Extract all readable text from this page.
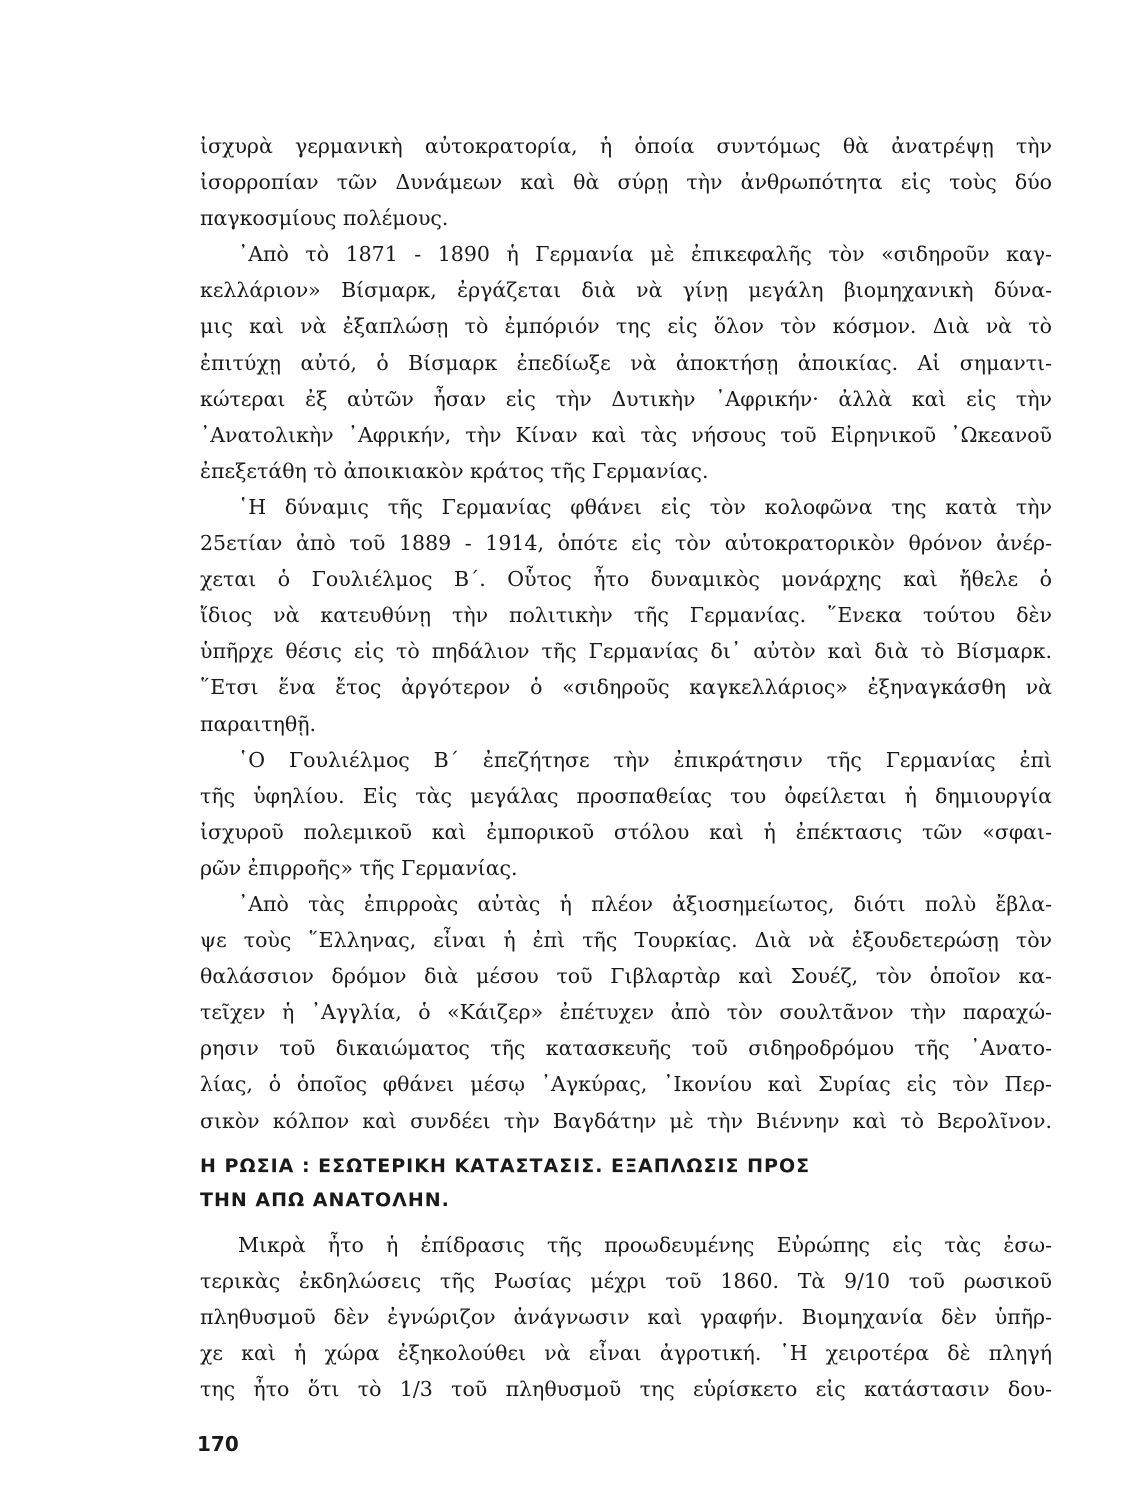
ἰσχυρὰ γερμανικὴ αὐτοκρατορία, ἡ ὁποία συντόμως θὰ ἀνατρέψῃ τὴν
ἰσορροπίαν τῶν Δυνάμεων καὶ θὰ σύρῃ τὴν ἀνθρωπότητα εἰς τοὺς δύο
παγκοσμίους πολέμους.
᾿Απὸ τὸ 1871 - 1890 ἡ Γερμανία μὲ ἐπικεφαλῆς τὸν «σιδηροῦν καγ-
κελλάριον» Βίσμαρκ, ἐργάζεται διὰ νὰ γίνῃ μεγάλη βιομηχανικὴ δύνα-
μις καὶ νὰ ἐξαπλώσῃ τὸ ἐμπόριόν της εἰς ὅλον τὸν κόσμον. Διὰ νὰ τὸ
ἐπιτύχῃ αὐτό, ὁ Βίσμαρκ ἐπεδίωξε νὰ ἀποκτήσῃ ἀποικίας. Αἱ σημαντι-
κώτεραι ἐξ αὐτῶν ἦσαν εἰς τὴν Δυτικὴν ᾿Αφρικήν· ἀλλὰ καὶ εἰς τὴν
᾿Ανατολικὴν ᾿Αφρικήν, τὴν Κίναν καὶ τὰς νήσους τοῦ Εἰρηνικοῦ ᾿Ωκεανοῦ
ἐπεξετάθη τὸ ἀποικιακὸν κράτος τῆς Γερμανίας.
῾Η δύναμις τῆς Γερμανίας φθάνει εἰς τὸν κολοφῶνα της κατὰ τὴν
25ετίαν ἀπὸ τοῦ 1889 - 1914, ὁπότε εἰς τὸν αὐτοκρατορικὸν θρόνον ἀνέρ-
χεται ὁ Γουλιέλμος Β΄. Οὗτος ἦτο δυναμικὸς μονάρχης καὶ ἤθελε ὁ
ἴδιος νὰ κατευθύνῃ τὴν πολιτικὴν τῆς Γερμανίας. ῞Ενεκα τούτου δὲν
ὑπῆρχε θέσις εἰς τὸ πηδάλιον τῆς Γερμανίας δι᾿ αὐτὸν καὶ διὰ τὸ Βίσμαρκ.
῞Ετσι ἕνα ἔτος ἀργότερον ὁ «σιδηροῦς καγκελλάριος» ἐξηναγκάσθη νὰ
παραιτηθῇ.
῾Ο Γουλιέλμος Β΄ ἐπεζήτησε τὴν ἐπικράτησιν τῆς Γερμανίας ἐπὶ
τῆς ὑφηλίου. Εἰς τὰς μεγάλας προσπαθείας του ὀφείλεται ἡ δημιουργία
ἰσχυροῦ πολεμικοῦ καὶ ἐμπορικοῦ στόλου καὶ ἡ ἐπέκτασις τῶν «σφαι-
ρῶν ἐπιρροῆς» τῆς Γερμανίας.
᾿Απὸ τὰς ἐπιρροὰς αὐτὰς ἡ πλέον ἀξιοσημείωτος, διότι πολὺ ἔβλα-
ψε τοὺς ῞Ελληνας, εἶναι ἡ ἐπὶ τῆς Τουρκίας. Διὰ νὰ ἐξουδετερώσῃ τὸν
θαλάσσιον δρόμον διὰ μέσου τοῦ Γιβλαρτὰρ καὶ Σουέζ, τὸν ὁποῖον κα-
τεῖχεν ἡ ᾿Αγγλία, ὁ «Κάιζερ» ἐπέτυχεν ἀπὸ τὸν σουλτᾶνον τὴν παραχώ-
ρησιν τοῦ δικαιώματος τῆς κατασκευῆς τοῦ σιδηροδρόμου τῆς ᾿Ανατο-
λίας, ὁ ὁποῖος φθάνει μέσῳ ᾿Αγκύρας, ᾿Ικονίου καὶ Συρίας εἰς τὸν Περ-
σικὸν κόλπον καὶ συνδέει τὴν Βαγδάτην μὲ τὴν Βιέννην καὶ τὸ Βερολῖνον.
Η ΡΩΣΙΑ : ΕΣΩΤΕΡΙΚΗ ΚΑΤΑΣΤΑΣΙΣ. ΕΞΑΠΛΩΣΙΣ ΠΡΟΣ
ΤΗΝ ΑΠΩ ΑΝΑΤΟΛΗΝ.
Μικρὰ ἦτο ἡ ἐπίδρασις τῆς προωδευμένης Εὐρώπης εἰς τὰς ἐσω-
τερικὰς ἐκδηλώσεις τῆς Ρωσίας μέχρι τοῦ 1860. Τὰ 9/10 τοῦ ρωσικοῦ
πληθυσμοῦ δὲν ἐγνώριζον ἀνάγνωσιν καὶ γραφήν. Βιομηχανία δὲν ὑπῆρ-
χε καὶ ἡ χώρα ἐξηκολούθει νὰ εἶναι ἀγροτική. ῾Η χειροτέρα δὲ πληγή
της ἦτο ὅτι τὸ 1/3 τοῦ πληθυσμοῦ της εὑρίσκετο εἰς κατάστασιν δου-
170
